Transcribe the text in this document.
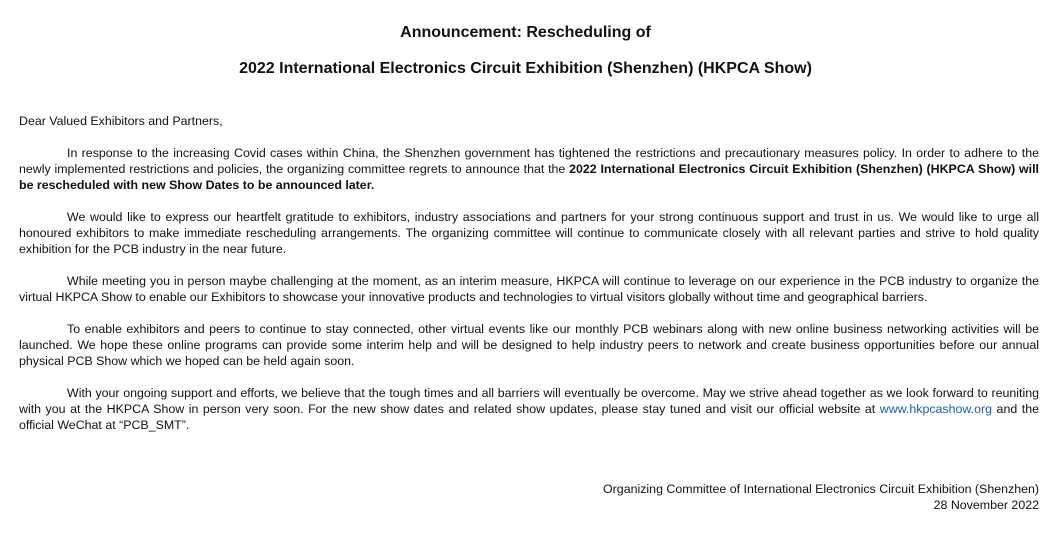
Announcement: Rescheduling of
2022 International Electronics Circuit Exhibition (Shenzhen) (HKPCA Show)

Dear Valued Exhibitors and Partners,

In response to the increasing Covid cases within China, the Shenzhen government has tightened the restrictions and precautionary measures policy. In order to adhere to the newly implemented restrictions and policies, the organizing committee regrets to announce that the 2022 International Electronics Circuit Exhibition (Shenzhen) (HKPCA Show) will be rescheduled with new Show Dates to be announced later.

We would like to express our heartfelt gratitude to exhibitors, industry associations and partners for your strong continuous support and trust in us. We would like to urge all honoured exhibitors to make immediate rescheduling arrangements. The organizing committee will continue to communicate closely with all relevant parties and strive to hold quality exhibition for the PCB industry in the near future.

While meeting you in person maybe challenging at the moment, as an interim measure, HKPCA will continue to leverage on our experience in the PCB industry to organize the virtual HKPCA Show to enable our Exhibitors to showcase your innovative products and technologies to virtual visitors globally without time and geographical barriers.

To enable exhibitors and peers to continue to stay connected, other virtual events like our monthly PCB webinars along with new online business networking activities will be launched. We hope these online programs can provide some interim help and will be designed to help industry peers to network and create business opportunities before our annual physical PCB Show which we hoped can be held again soon.

With your ongoing support and efforts, we believe that the tough times and all barriers will eventually be overcome. May we strive ahead together as we look forward to reuniting with you at the HKPCA Show in person very soon. For the new show dates and related show updates, please stay tuned and visit our official website at www.hkpcashow.org and the official WeChat at “PCB_SMT”.

Organizing Committee of International Electronics Circuit Exhibition (Shenzhen)
28 November 2022
